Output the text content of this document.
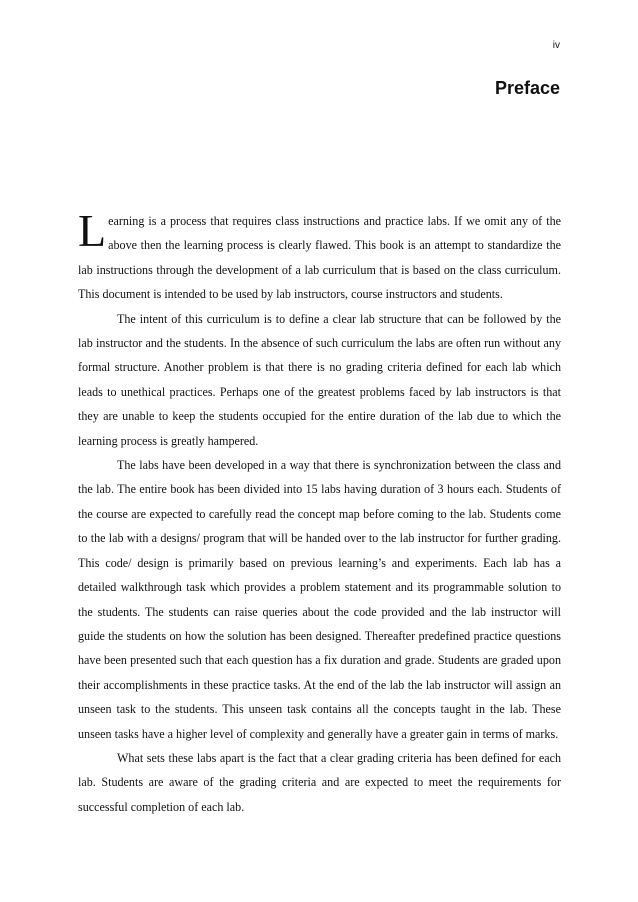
iv
Preface

Learning is a process that requires class instructions and practice labs. If we omit any of the above then the learning process is clearly flawed. This book is an attempt to standardize the lab instructions through the development of a lab curriculum that is based on the class curriculum. This document is intended to be used by lab instructors, course instructors and students.

The intent of this curriculum is to define a clear lab structure that can be followed by the lab instructor and the students. In the absence of such curriculum the labs are often run without any formal structure. Another problem is that there is no grading criteria defined for each lab which leads to unethical practices. Perhaps one of the greatest problems faced by lab instructors is that they are unable to keep the students occupied for the entire duration of the lab due to which the learning process is greatly hampered.

The labs have been developed in a way that there is synchronization between the class and the lab. The entire book has been divided into 15 labs having duration of 3 hours each. Students of the course are expected to carefully read the concept map before coming to the lab. Students come to the lab with a designs/ program that will be handed over to the lab instructor for further grading. This code/ design is primarily based on previous learning’s and experiments. Each lab has a detailed walkthrough task which provides a problem statement and its programmable solution to the students. The students can raise queries about the code provided and the lab instructor will guide the students on how the solution has been designed. Thereafter predefined practice questions have been presented such that each question has a fix duration and grade. Students are graded upon their accomplishments in these practice tasks. At the end of the lab the lab instructor will assign an unseen task to the students. This unseen task contains all the concepts taught in the lab. These unseen tasks have a higher level of complexity and generally have a greater gain in terms of marks.

What sets these labs apart is the fact that a clear grading criteria has been defined for each lab. Students are aware of the grading criteria and are expected to meet the requirements for successful completion of each lab.
